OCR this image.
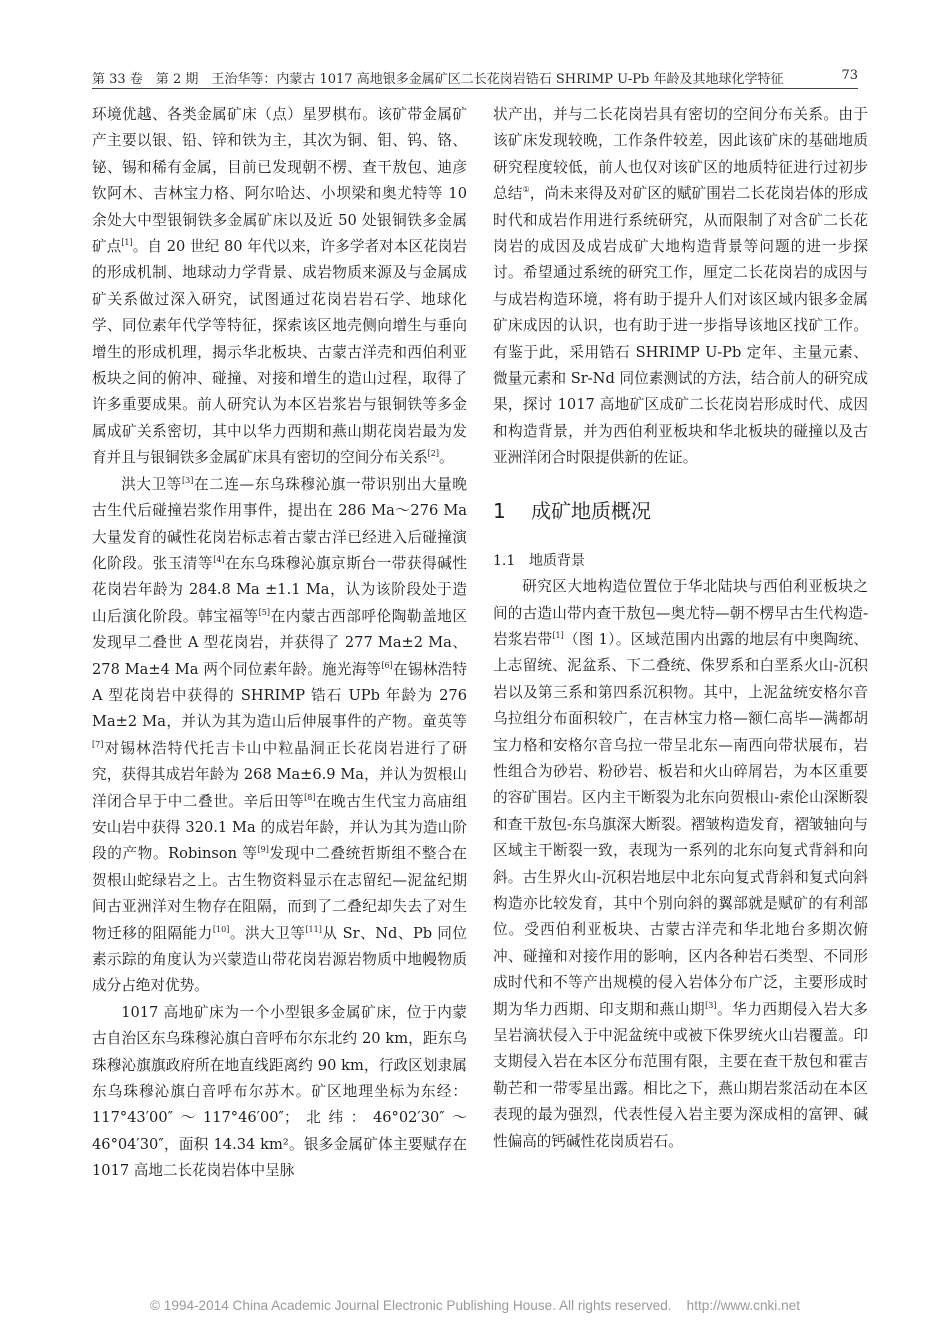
第 33 卷　第 2 期　王治华等：内蒙古 1017 高地银多金属矿区二长花岗岩锆石 SHRIMP U-Pb 年龄及其地球化学特征	73

环境优越、各类金属矿床（点）星罗棋布。该矿带金属矿产主要以银、铅、锌和铁为主，其次为铜、钼、钨、铬、铋、锡和稀有金属，目前已发现朝不楞、查干敖包、迪彦钦阿木、吉林宝力格、阿尔哈达、小坝梁和奥尤特等 10 余处大中型银铜铁多金属矿床以及近 50 处银铜铁多金属矿点[1]。自 20 世纪 80 年代以来，许多学者对本区花岗岩的形成机制、地球动力学背景、成岩物质来源及与金属成矿关系做过深入研究，试图通过花岗岩岩石学、地球化学、同位素年代学等特征，探索该区地壳侧向增生与垂向增生的形成机理，揭示华北板块、古蒙古洋壳和西伯利亚板块之间的俯冲、碰撞、对接和增生的造山过程，取得了许多重要成果。前人研究认为本区岩浆岩与银铜铁等多金属成矿关系密切，其中以华力西期和燕山期花岗岩最为发育并且与银铜铁多金属矿床具有密切的空间分布关系[2]。

洪大卫等[3]在二连—东乌珠穆沁旗一带识别出大量晚古生代后碰撞岩浆作用事件，提出在 286 Ma～276 Ma 大量发育的碱性花岗岩标志着古蒙古洋已经进入后碰撞演化阶段。张玉清等[4]在东乌珠穆沁旗京斯台一带获得碱性花岗岩年龄为 284.8 Ma ±1.1 Ma，认为该阶段处于造山后演化阶段。韩宝福等[5]在内蒙古西部呼伦陶勒盖地区发现早二叠世 A 型花岗岩，并获得了 277 Ma±2 Ma、278 Ma±4 Ma 两个同位素年龄。施光海等[6]在锡林浩特 A 型花岗岩中获得的 SHRIMP 锆石 UPb 年龄为 276 Ma±2 Ma，并认为其为造山后伸展事件的产物。童英等[7]对锡林浩特代托吉卡山中粒晶洞正长花岗岩进行了研究，获得其成岩年龄为 268 Ma±6.9 Ma，并认为贺根山洋闭合早于中二叠世。辛后田等[8]在晚古生代宝力高庙组安山岩中获得 320.1 Ma 的成岩年龄，并认为其为造山阶段的产物。Robinson 等[9]发现中二叠统哲斯组不整合在贺根山蛇绿岩之上。古生物资料显示在志留纪—泥盆纪期间古亚洲洋对生物存在阻隔，而到了二叠纪却失去了对生物迁移的阻隔能力[10]。洪大卫等[11]从 Sr、Nd、Pb 同位素示踪的角度认为兴蒙造山带花岗岩源岩物质中地幔物质成分占绝对优势。

1017 高地矿床为一个小型银多金属矿床，位于内蒙古自治区东乌珠穆沁旗白音呼布尔东北约 20 km，距东乌珠穆沁旗旗政府所在地直线距离约 90 km，行政区划隶属东乌珠穆沁旗白音呼布尔苏木。矿区地理坐标为东经：117°43′00″～117°46′00″；北纬：46°02′30″～46°04′30″，面积 14.34 km²。银多金属矿体主要赋存在 1017 高地二长花岗岩体中呈脉

状产出，并与二长花岗岩具有密切的空间分布关系。由于该矿床发现较晚，工作条件较差，因此该矿床的基础地质研究程度较低，前人也仅对该矿区的地质特征进行过初步总结①，尚未来得及对矿区的赋矿围岩二长花岗岩体的形成时代和成岩作用进行系统研究，从而限制了对含矿二长花岗岩的成因及成岩成矿大地构造背景等问题的进一步探讨。希望通过系统的研究工作，厘定二长花岗岩的成因与与成岩构造环境，将有助于提升人们对该区域内银多金属矿床成因的认识，也有助于进一步指导该地区找矿工作。有鉴于此，采用锆石 SHRIMP U-Pb 定年、主量元素、微量元素和 Sr-Nd 同位素测试的方法，结合前人的研究成果，探讨 1017 高地矿区成矿二长花岗岩形成时代、成因和构造背景，并为西伯利亚板块和华北板块的碰撞以及古亚洲洋闭合时限提供新的佐证。

1 成矿地质概况
1.1 地质背景

研究区大地构造位置位于华北陆块与西伯利亚板块之间的古造山带内查干敖包—奥尤特—朝不楞早古生代构造-岩浆岩带[1]（图 1）。区域范围内出露的地层有中奥陶统、上志留统、泥盆系、下二叠统、侏罗系和白垩系火山-沉积岩以及第三系和第四系沉积物。其中，上泥盆统安格尔音乌拉组分布面积较广，在吉林宝力格—额仁高毕—满都胡宝力格和安格尔音乌拉一带呈北东—南西向带状展布，岩性组合为砂岩、粉砂岩、板岩和火山碎屑岩，为本区重要的容矿围岩。区内主干断裂为北东向贺根山-索伦山深断裂和查干敖包-东乌旗深大断裂。褶皱构造发育，褶皱轴向与区域主干断裂一致，表现为一系列的北东向复式背斜和向斜。古生界火山-沉积岩地层中北东向复式背斜和复式向斜构造亦比较发育，其中个别向斜的翼部就是赋矿的有利部位。受西伯利亚板块、古蒙古洋壳和华北地台多期次俯冲、碰撞和对接作用的影响，区内各种岩石类型、不同形成时代和不等产出规模的侵入岩体分布广泛，主要形成时期为华力西期、印支期和燕山期[3]。华力西期侵入岩大多呈岩滴状侵入于中泥盆统中或被下侏罗统火山岩覆盖。印支期侵入岩在本区分布范围有限，主要在查干敖包和霍吉勒芒和一带零星出露。相比之下，燕山期岩浆活动在本区表现的最为强烈，代表性侵入岩主要为深成相的富钾、碱性偏高的钙碱性花岗质岩石。

© 1994-2014 China Academic Journal Electronic Publishing House. All rights reserved. http://www.cnki.net
